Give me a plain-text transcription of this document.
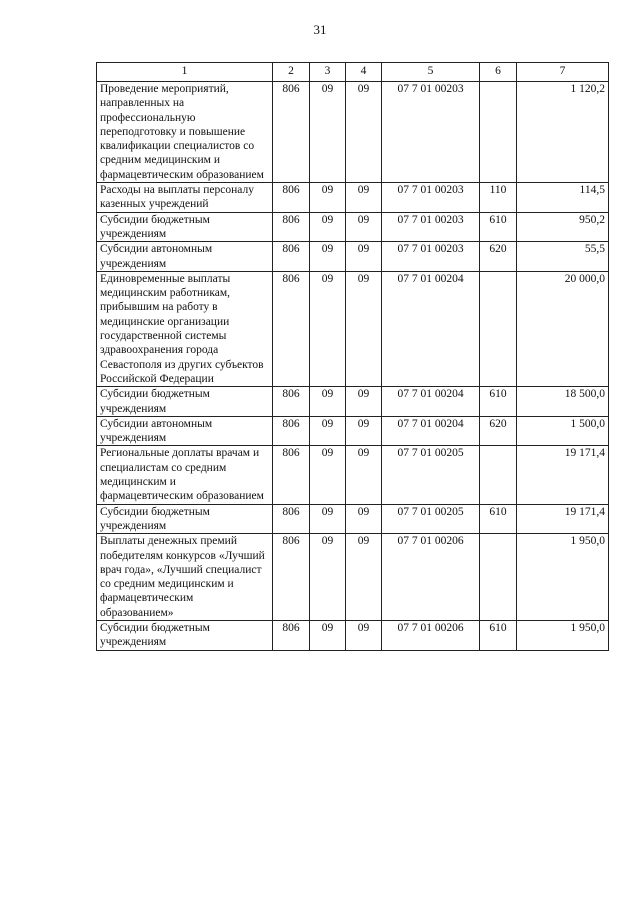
31
1	2	3	4	5	6	7
Проведение мероприятий, направленных на профессиональную переподготовку и повышение квалификации специалистов со средним медицинским и фармацевтическим образованием	806	09	09	07 7 01 00203		1 120,2
Расходы на выплаты персоналу казенных учреждений	806	09	09	07 7 01 00203	110	114,5
Субсидии бюджетным учреждениям	806	09	09	07 7 01 00203	610	950,2
Субсидии автономным учреждениям	806	09	09	07 7 01 00203	620	55,5
Единовременные выплаты медицинским работникам, прибывшим на работу в медицинские организации государственной системы здравоохранения города Севастополя из других субъектов Российской Федерации	806	09	09	07 7 01 00204		20 000,0
Субсидии бюджетным учреждениям	806	09	09	07 7 01 00204	610	18 500,0
Субсидии автономным учреждениям	806	09	09	07 7 01 00204	620	1 500,0
Региональные доплаты врачам и специалистам со средним медицинским и фармацевтическим образованием	806	09	09	07 7 01 00205		19 171,4
Субсидии бюджетным учреждениям	806	09	09	07 7 01 00205	610	19 171,4
Выплаты денежных премий победителям конкурсов «Лучший врач года», «Лучший специалист со средним медицинским и фармацевтическим образованием»	806	09	09	07 7 01 00206		1 950,0
Субсидии бюджетным учреждениям	806	09	09	07 7 01 00206	610	1 950,0
